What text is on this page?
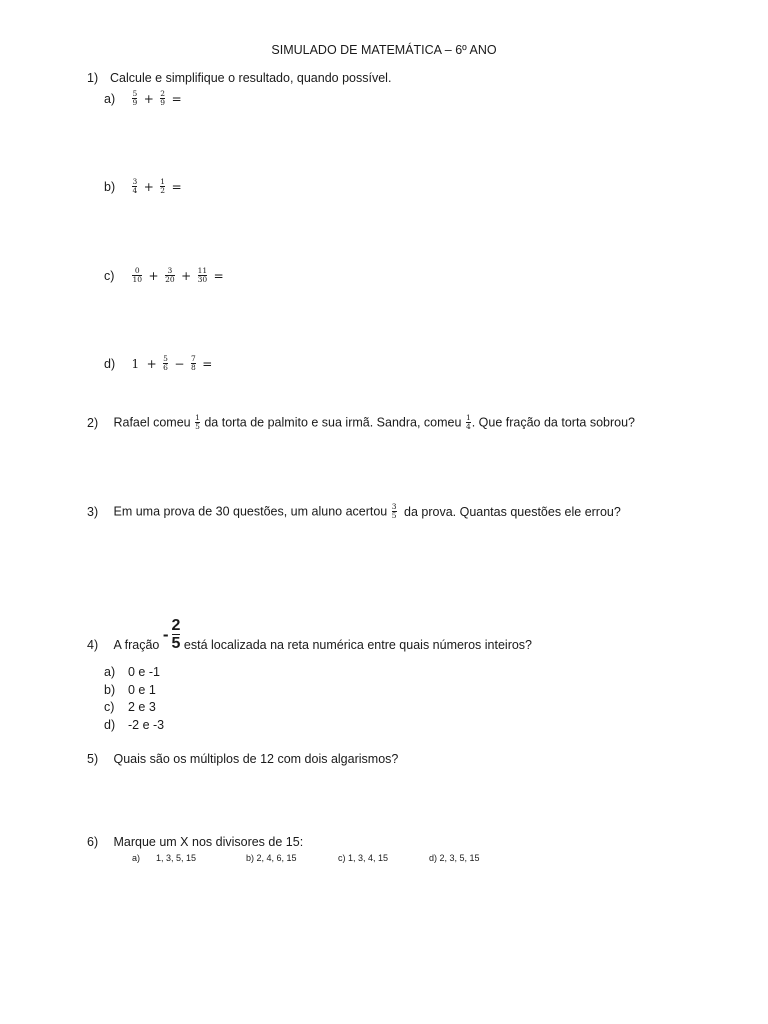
SIMULADO DE MATEMÁTICA – 6º ANO
1) Calcule e simplifique o resultado, quando possível.
$a) \frac{5}{9} + \frac{2}{9}$ =
$b) \frac{3}{4} + \frac{1}{2}$ =
$c) \frac{0}{10} + \frac{3}{20} + \frac{11}{30}$ =
d) $1 + \frac{5}{6} - \frac{7}{8}$ =
2) Rafael comeu $\frac{1}{5}$ da torta de palmito e sua irmã. Sandra, comeu $\frac{1}{4}$ . Que fração da torta sobrou?
3) Em uma prova de 30 questões, um aluno acertou $\frac{3}{5}$ da prova. Quantas questões ele errou?
4) A fração
- 2
5 está localizada na reta numérica entre quais números inteiros?
a) 0 e -1
b) 0 e 1
c) 2 e 3
d) -2 e -3
5) Quais são os múltiplos de 12 com dois algarismos?
6) Marque um X nos divisores de 15:
a) 1, 3, 5, 15	b) 2, 4, 6, 15	c) 1, 3, 4, 15	d) 2, 3, 5, 15
